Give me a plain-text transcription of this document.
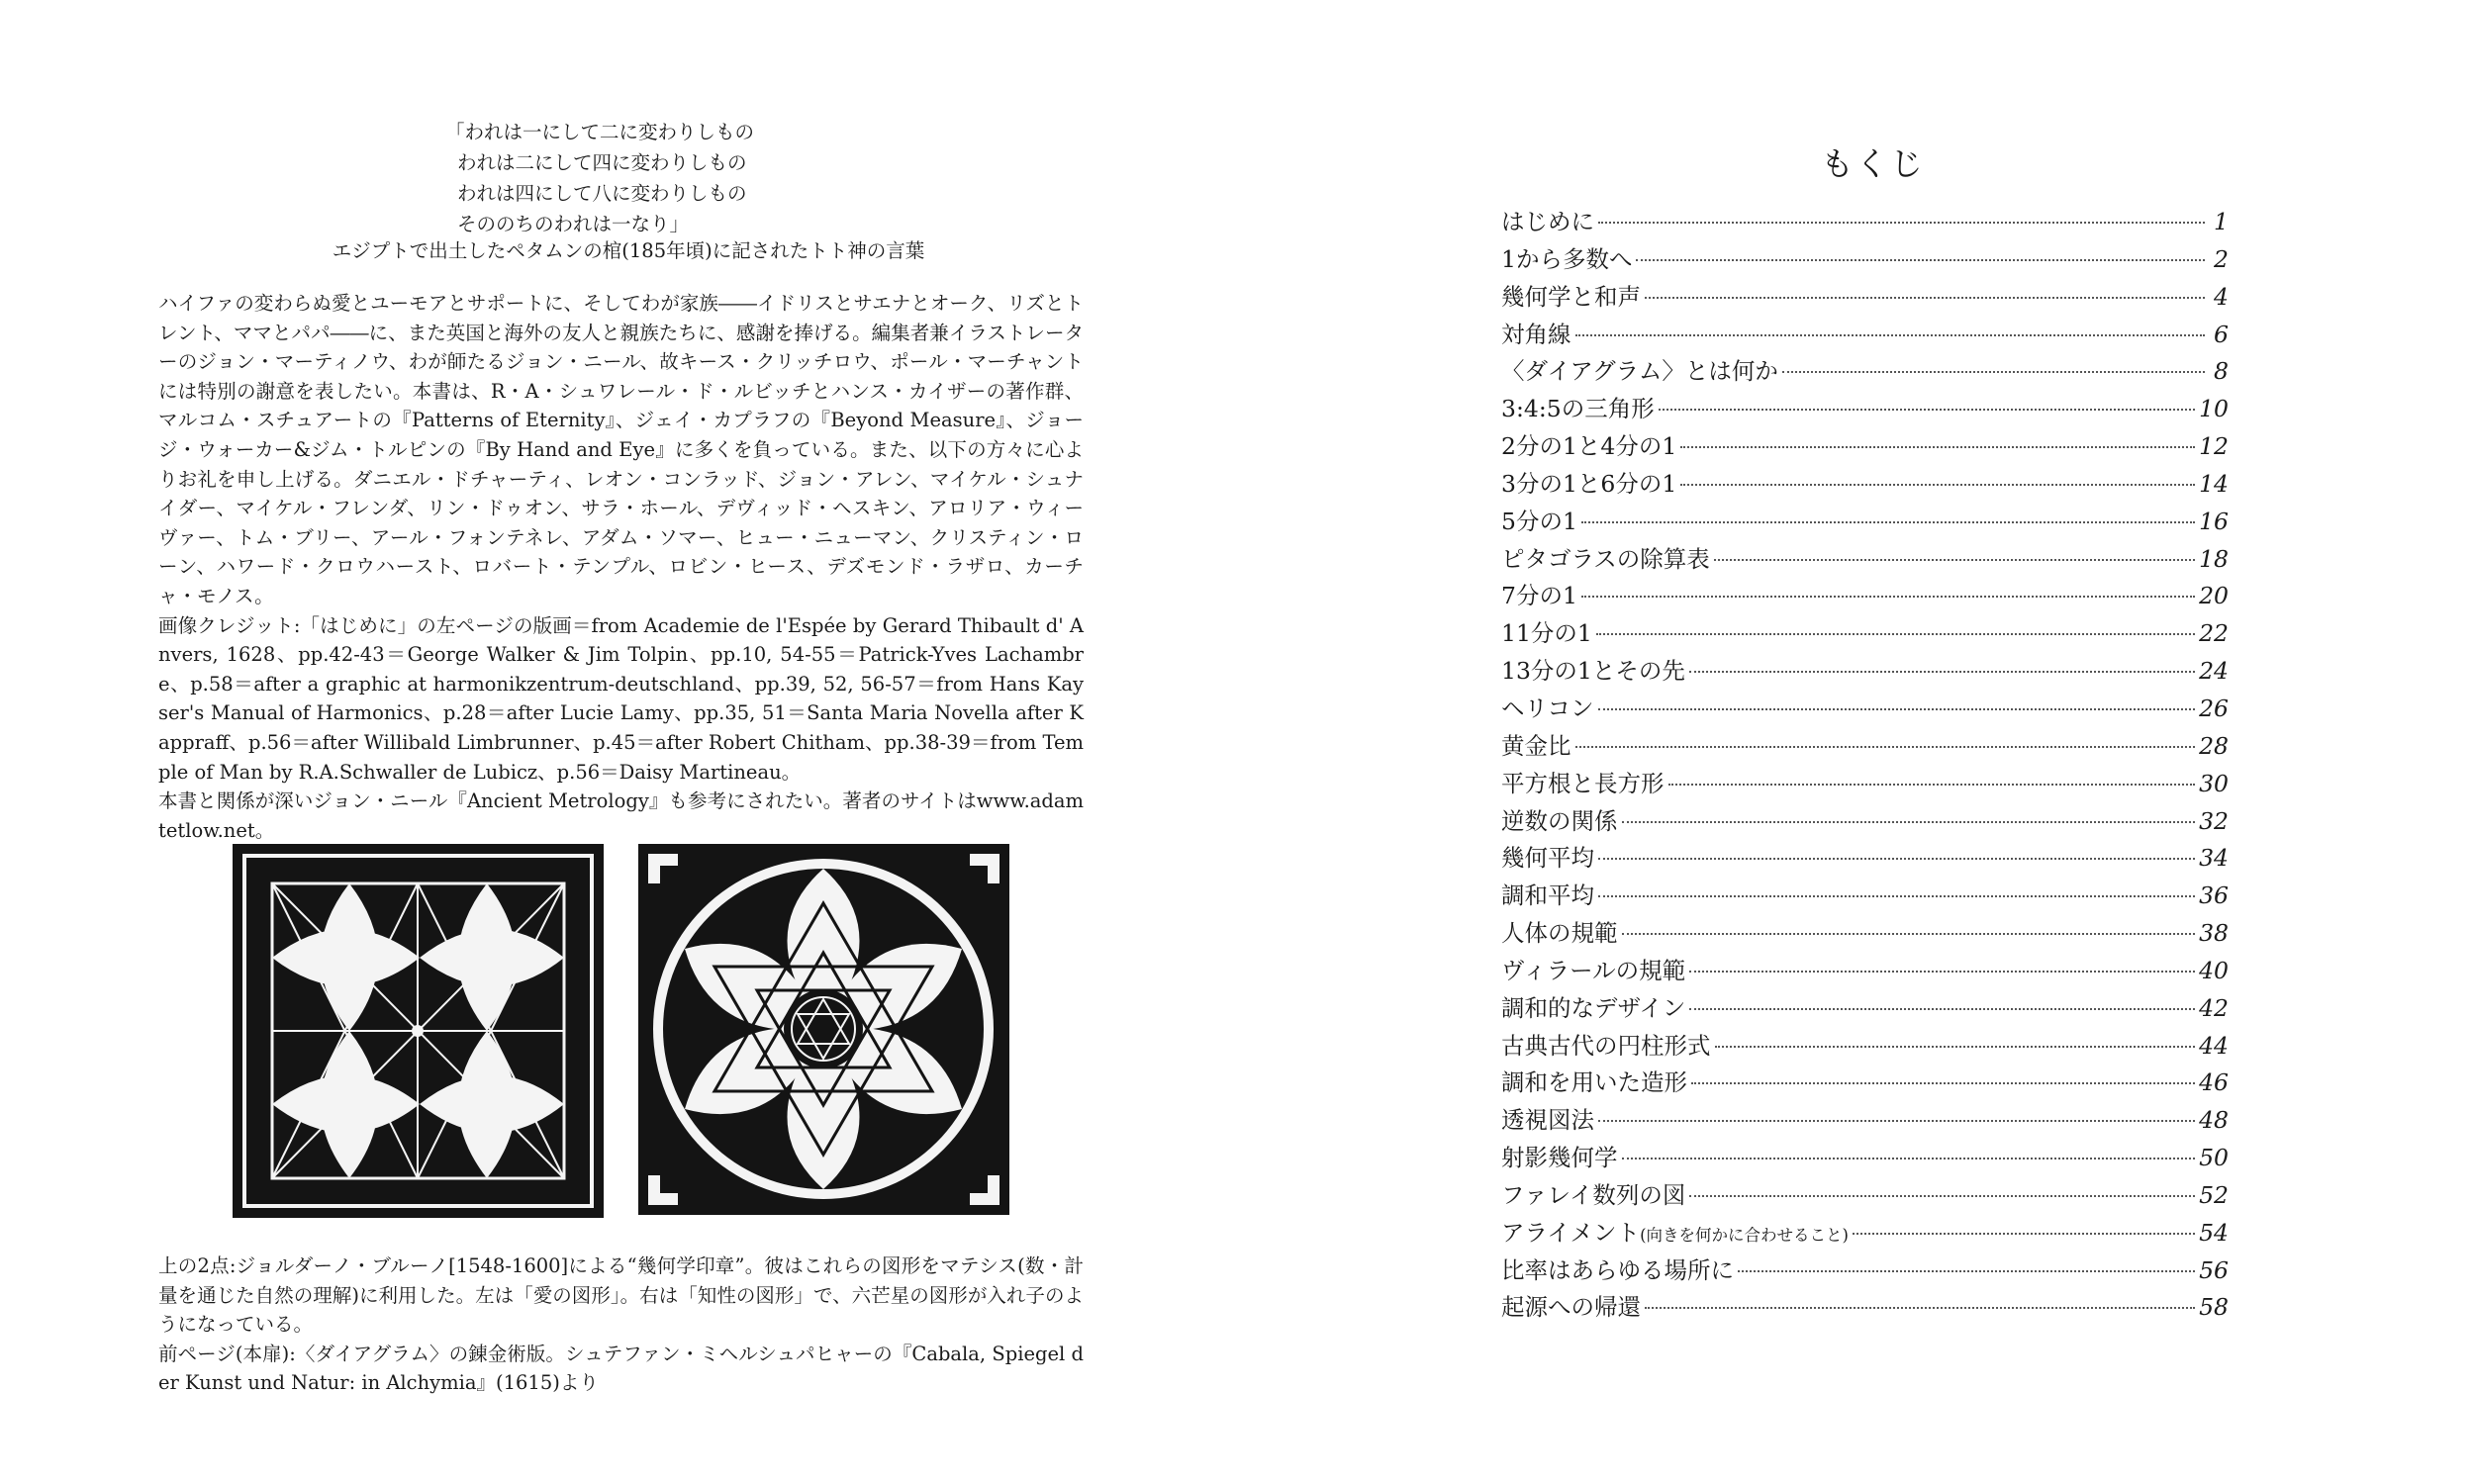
「われは一にして二に変わりしもの
われは二にして四に変わりしもの
われは四にして八に変わりしもの
そののちのわれは一なり」
エジプトで出土したペタムンの棺(185年頃)に記されたトト神の言葉

ハイファの変わらぬ愛とユーモアとサポートに、そしてわが家族――イドリスとサエナとオーク、リズとトレント、ママとパパ――に、また英国と海外の友人と親族たちに、感謝を捧げる。編集者兼イラストレーターのジョン・マーティノウ、わが師たるジョン・ニール、故キース・クリッチロウ、ポール・マーチャントには特別の謝意を表したい。本書は、R・A・シュワレール・ド・ルビッチとハンス・カイザーの著作群、マルコム・スチュアートの『Patterns of Eternity』、ジェイ・カプラフの『Beyond Measure』、ジョージ・ウォーカー&ジム・トルピンの『By Hand and Eye』に多くを負っている。また、以下の方々に心よりお礼を申し上げる。ダニエル・ドチャーティ、レオン・コンラッド、ジョン・アレン、マイケル・シュナイダー、マイケル・フレンダ、リン・ドゥオン、サラ・ホール、デヴィッド・ヘスキン、アロリア・ウィーヴァー、トム・ブリー、アール・フォンテネレ、アダム・ソマー、ヒュー・ニューマン、クリスティン・ローン、ハワード・クロウハースト、ロバート・テンプル、ロビン・ヒース、デズモンド・ラザロ、カーチャ・モノス。

画像クレジット:「はじめに」の左ページの版画＝from Academie de l'Espée by Gerard Thibault d' Anvers, 1628、pp.42-43＝George Walker & Jim Tolpin、pp.10, 54-55＝Patrick-Yves Lachambre、p.58＝after a graphic at harmonikzentrum-deutschland、pp.39, 52, 56-57＝from Hans Kayser's Manual of Harmonics、p.28＝after Lucie Lamy、pp.35, 51＝Santa Maria Novella after Kappraff、p.56＝after Willibald Limbrunner、p.45＝after Robert Chitham、pp.38-39＝from Temple of Man by R.A.Schwaller de Lubicz、p.56＝Daisy Martineau。

本書と関係が深いジョン・ニール『Ancient Metrology』も参考にされたい。著者のサイトはwww.adamtetlow.net。

上の2点:ジョルダーノ・ブルーノ[1548-1600]による“幾何学印章”。彼はこれらの図形をマテシス(数・計量を通じた自然の理解)に利用した。左は「愛の図形」。右は「知性の図形」で、六芒星の図形が入れ子のようになっている。

前ページ(本扉):〈ダイアグラム〉の錬金術版。シュテファン・ミヘルシュパヒャーの『Cabala, Spiegel der Kunst und Natur: in Alchymia』(1615)より

もくじ
はじめに	1
1から多数へ	2
幾何学と和声	4
対角線	6
〈ダイアグラム〉とは何か	8
3:4:5の三角形	10
2分の1と4分の1	12
3分の1と6分の1	14
5分の1	16
ピタゴラスの除算表	18
7分の1	20
11分の1	22
13分の1とその先	24
ヘリコン	26
黄金比	28
平方根と長方形	30
逆数の関係	32
幾何平均	34
調和平均	36
人体の規範	38
ヴィラールの規範	40
調和的なデザイン	42
古典古代の円柱形式	44
調和を用いた造形	46
透視図法	48
射影幾何学	50
ファレイ数列の図	52
アライメント (向きを何かに合わせること)	54
比率はあらゆる場所に	56
起源への帰還	58
